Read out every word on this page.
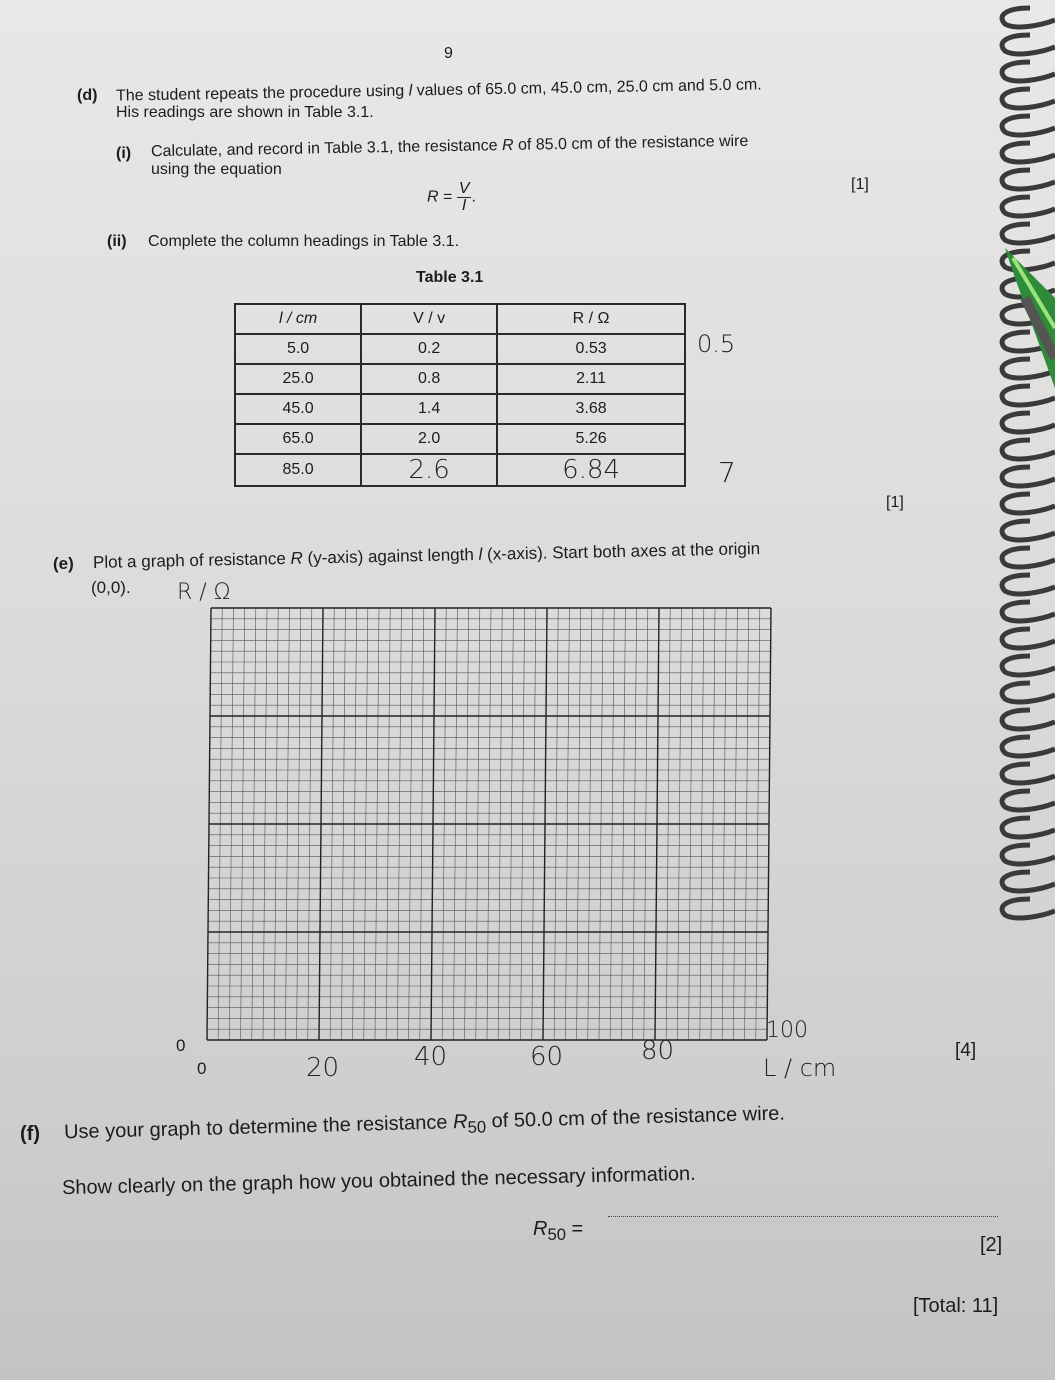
9
(d) The student repeats the procedure using l values of 65.0 cm, 45.0 cm, 25.0 cm and 5.0 cm.
His readings are shown in Table 3.1.
(i) Calculate, and record in Table 3.1, the resistance R of 85.0 cm of the resistance wire
using the equation
$R = \frac{V}{I}$ .
[1]
(ii) Complete the column headings in Table 3.1.
Table 3.1
l / cm	V / v	R / Ω
5.0	0.2	0.53
25.0	0.8	2.11
45.0	1.4	3.68
65.0	2.0	5.26
85.0	2.6	6.84
0.5
7
[1]
(e) Plot a graph of resistance R (y-axis) against length l (x-axis). Start both axes at the origin
(0,0). R / Ω
0
0	20	40	60	80
100
L / cm
[4]
(f) Use your graph to determine the resistance $R_{50}$ of 50.0 cm of the resistance wire.
Show clearly on the graph how you obtained the necessary information.
$R_{50}$ =
[2]
[Total: 11]
